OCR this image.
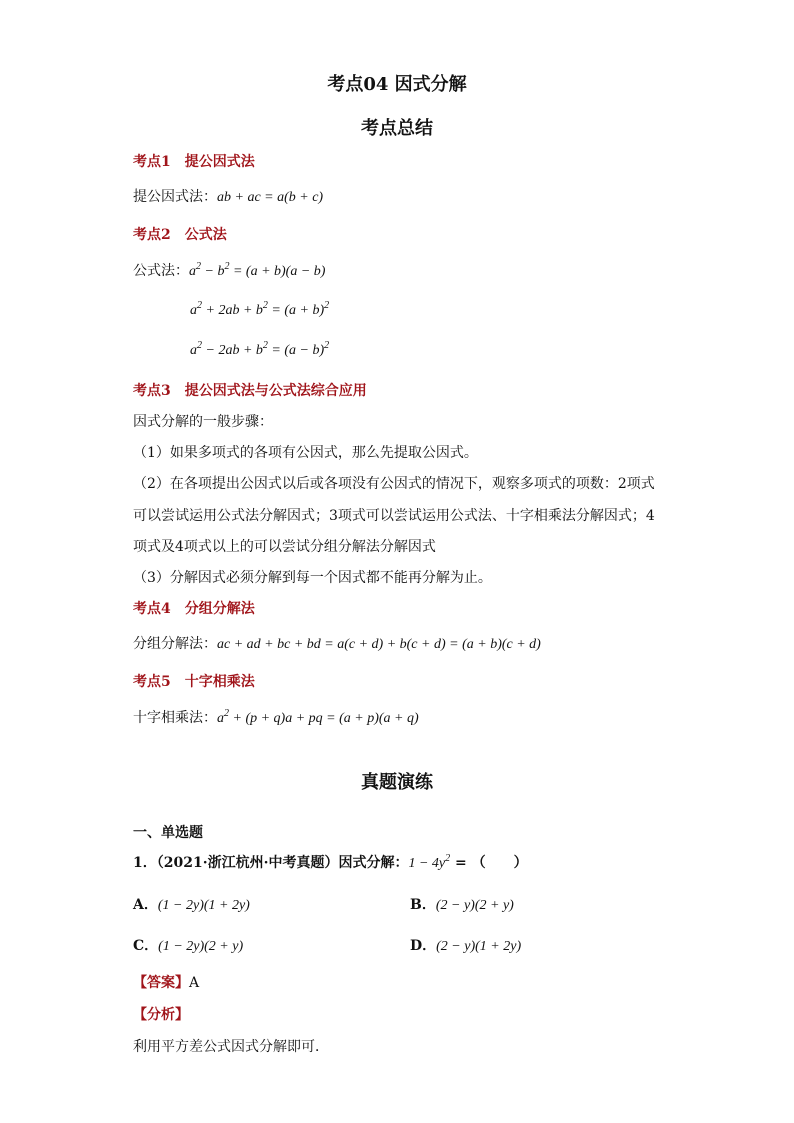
考点04 因式分解
考点总结
考点1 提公因式法
提公因式法：ab + ac = a(b + c)
考点2 公式法
公式法：$a^2 - b^2 = (a + b)(a - b)$
$a^2 + 2ab + b^2 = (a + b)^2$
$a^2 - 2ab + b^2 = (a - b)^2$
考点3 提公因式法与公式法综合应用
因式分解的一般步骤：
（1）如果多项式的各项有公因式，那么先提取公因式。
（2）在各项提出公因式以后或各项没有公因式的情况下，观察多项式的项数：2项式
可以尝试运用公式法分解因式；3项式可以尝试运用公式法、十字相乘法分解因式；4
项式及4项式以上的可以尝试分组分解法分解因式
（3）分解因式必须分解到每一个因式都不能再分解为止。
考点4 分组分解法
分组分解法：ac + ad + bc + bd = a(c + d) + b(c + d) = (a + b)(c + d)
考点5 十字相乘法
十字相乘法：$a^2 + (p + q)a$ + pq = (a + p)(a + q)
真题演练
一、单选题
1．（2021·浙江杭州·中考真题）因式分解：$1 - 4y^2$ = （　　）
A．(1 − 2y)(1 + 2y)	B．(2 − y)(2 + y)
C．(1 − 2y)(2 + y)	D．(2 − y)(1 + 2y)
【答案】A
【分析】
利用平方差公式因式分解即可．
